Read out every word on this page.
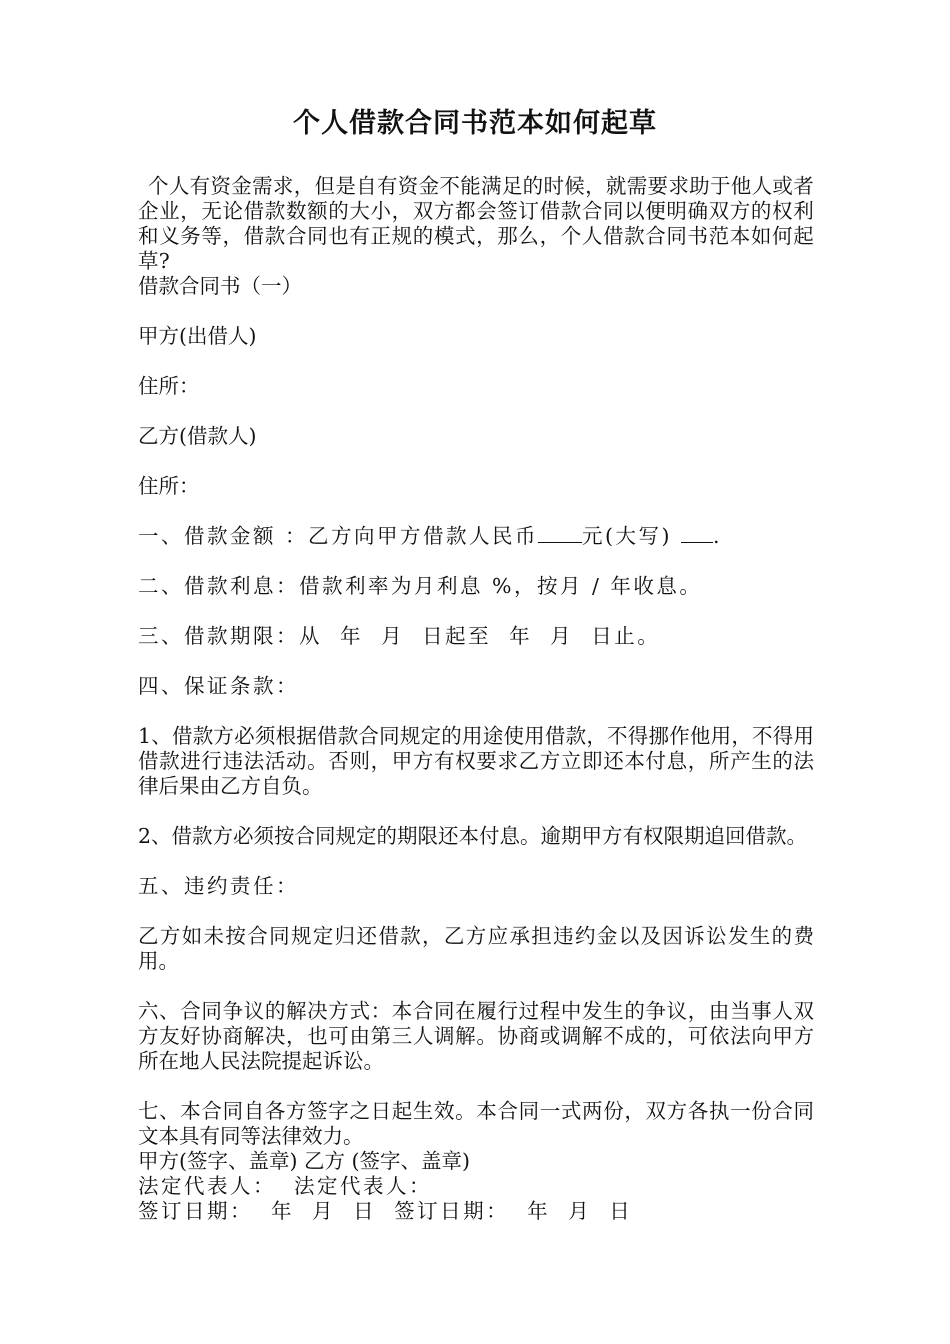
个人借款合同书范本如何起草

个人有资金需求，但是自有资金不能满足的时候，就需要求助于他人或者企业，无论借款数额的大小，双方都会签订借款合同以便明确双方的权利和义务等，借款合同也有正规的模式，那么，个人借款合同书范本如何起草?

借款合同书（一）

甲方(出借人)

住所：

乙方(借款人)

住所：

一、借款金额 ：乙方向甲方借款人民币 元(大写) .

二、借款利息：借款利率为月利息 %，按月 / 年收息。

三、借款期限：从  年  月  日起至  年  月  日止。

四、保证条款：

1、借款方必须根据借款合同规定的用途使用借款，不得挪作他用，不得用借款进行违法活动。否则，甲方有权要求乙方立即还本付息，所产生的法律后果由乙方自负。

2、借款方必须按合同规定的期限还本付息。逾期甲方有权限期追回借款。

五、违约责任：

乙方如未按合同规定归还借款，乙方应承担违约金以及因诉讼发生的费用。

六、合同争议的解决方式：本合同在履行过程中发生的争议，由当事人双方友好协商解决，也可由第三人调解。协商或调解不成的，可依法向甲方所在地人民法院提起诉讼。

七、本合同自各方签字之日起生效。本合同一式两份，双方各执一份合同文本具有同等法律效力。

甲方(签字、盖章) 乙方 (签字、盖章)

法定代表人：  法定代表人：

签订日期：  年  月  日  签订日期：  年  月  日
